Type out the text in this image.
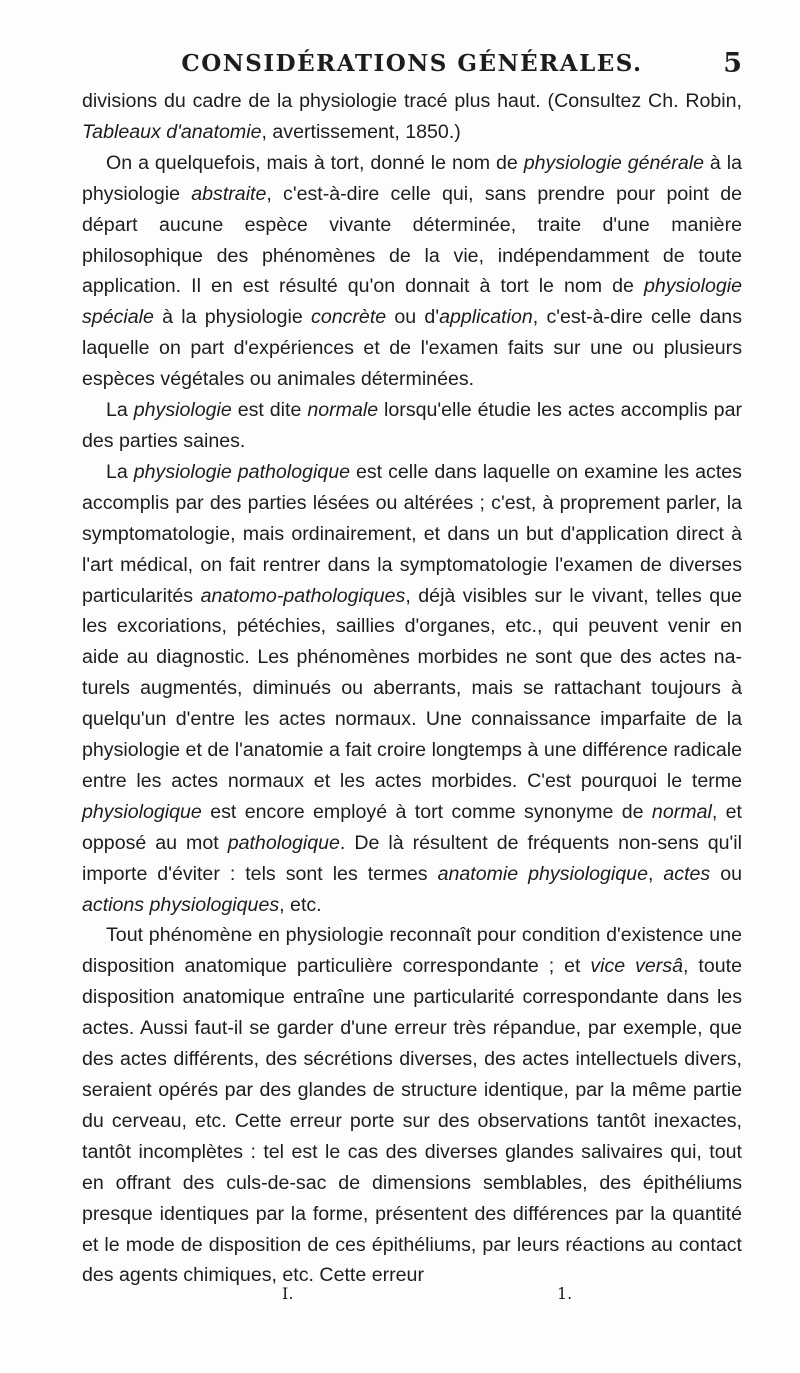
CONSIDÉRATIONS GÉNÉRALES.	5

divisions du cadre de la physiologie tracé plus haut. (Consultez Ch. Robin, Tableaux d'anatomie, avertissement, 1850.)

On a quelquefois, mais à tort, donné le nom de physiologie générale à la physiologie abstraite, c'est-à-dire celle qui, sans prendre pour point de départ aucune espèce vivante déterminée, traite d'une manière philosophique des phénomènes de la vie, indépendamment de toute application. Il en est résulté qu'on donnait à tort le nom de physiologie spéciale à la physiologie concrète ou d'application, c'est-à-dire celle dans laquelle on part d'expériences et de l'examen faits sur une ou plusieurs espèces végétales ou animales déterminées.

La physiologie est dite normale lorsqu'elle étudie les actes accomplis par des parties saines.

La physiologie pathologique est celle dans laquelle on examine les actes accomplis par des parties lésées ou altérées ; c'est, à proprement parler, la symptomatologie, mais ordinairement, et dans un but d'application direct à l'art médical, on fait rentrer dans la symptomatologie l'examen de diverses particularités anatomo-pathologiques, déjà visibles sur le vivant, telles que les excoriations, pétéchies, saillies d'organes, etc., qui peuvent venir en aide au diagnostic. Les phénomènes morbides ne sont que des actes naturels augmentés, diminués ou aberrants, mais se rattachant toujours à quelqu'un d'entre les actes normaux. Une connaissance imparfaite de la physiologie et de l'anatomie a fait croire longtemps à une différence radicale entre les actes normaux et les actes morbides. C'est pourquoi le terme physiologique est encore employé à tort comme synonyme de normal, et opposé au mot pathologique. De là résultent de fréquents non-sens qu'il importe d'éviter : tels sont les termes anatomie physiologique, actes ou actions physiologiques, etc.

Tout phénomène en physiologie reconnaît pour condition d'existence une disposition anatomique particulière correspondante ; et vice versâ, toute disposition anatomique entraîne une particularité correspondante dans les actes. Aussi faut-il se garder d'une erreur très répandue, par exemple, que des actes différents, des sécrétions diverses, des actes intellectuels divers, seraient opérés par des glandes de structure identique, par la même partie du cerveau, etc. Cette erreur porte sur des observations tantôt inexactes, tantôt incomplètes : tel est le cas des diverses glandes salivaires qui, tout en offrant des culs-de-sac de dimensions semblables, des épithéliums presque identiques par la forme, présentent des différences par la quantité et le mode de disposition de ces épithéliums, par leurs réactions au contact des agents chimiques, etc. Cette erreur

I.	1.
